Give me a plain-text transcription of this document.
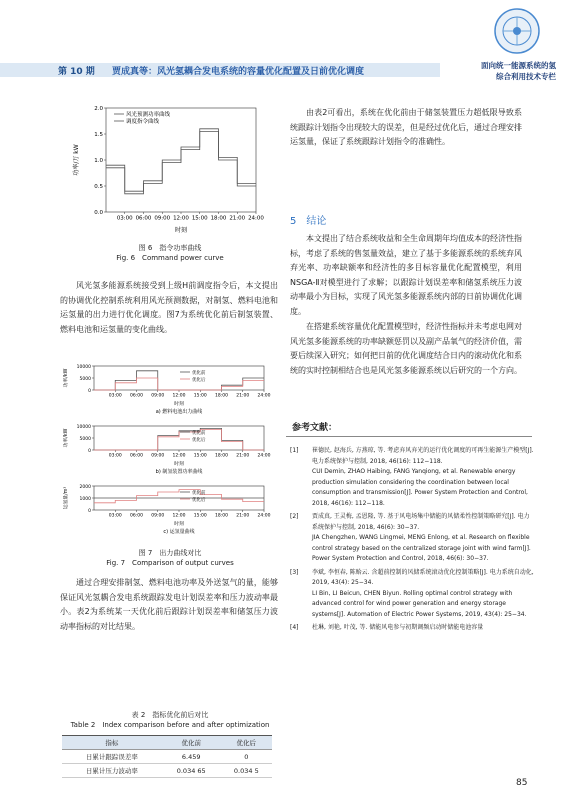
第 10 期 贾成真等：风光氢耦合发电系统的容量优化配置及日前优化调度
面向统一能源系统的氢
综合利用技术专栏
0.0
0.5
1.0
1.5
2.0
03:00 06:00 09:00 12:00 15:00 18:00 21:00 24:00
风光预测功率曲线
调度指令曲线
时刻
功率/万 kW
图 6　指令功率曲线
Fig. 6　Command power curve

风光氢多能源系统接受到上级H前调度指令后，本文提出的协调优化控制系统利用风光预测数据，对制氢、燃料电池和运氢量的出力进行优化调度。图7为系统优化前后制氢装置、燃料电池和运氢量的变化曲线。

0
5000
10000
03:00 06:00 09:00 12:00 15:00 18:00 21:00 24:00
优化前
优化后
时刻
a) 燃料电池出力曲线
功率/kW
0
5000
10000
03:00 06:00 09:00 12:00 15:00 18:00 21:00 24:00
优化前
优化后
时刻
b) 制氢装置功率曲线
功率/kW
0
1000
2000
03:00 06:00 09:00 12:00 15:00 18:00 21:00 24:00
优化前
优化后
时刻
c) 运氢量曲线
运氢量/m³
图 7　出力曲线对比
Fig. 7　Comparison of output curves

通过合理安排制氢、燃料电池功率及外送氢气的量，能够保证风光氢耦合发电系统跟踪发电计划误差率和压力波动率最小。表2为系统某一天优化前后跟踪计划误差率和储氢压力波动率指标的对比结果。

表 2　指标优化前后对比
Table 2　Index comparison before and after optimization
指标	优化前	优化后
日累计跟踪误差率	6.459	0
日累计压力波动率	0.034 65	0.034 5

由表2可看出，系统在优化前由于储氢装置压力超低限导致系统跟踪计划指令出现较大的误差，但是经过优化后，通过合理安排运氢量，保证了系统跟踪计划指令的准确性。

5　结论

本文提出了结合系统收益和全生命周期年均值成本的经济性指标，考虑了系统的售氢量效益，建立了基于多能源系统的系统弃风弃光率、功率缺额率和经济性的多目标容量优化配置模型，利用NSGA-Ⅱ对模型进行了求解；以跟踪计划误差率和储氢系统压力波动率最小为目标，实现了风光氢多能源系统内部的日前协调优化调度。

在搭建系统容量优化配置模型时，经济性指标并未考虑电网对风光氢多能源系统的功率缺额惩罚以及副产品氧气的经济价值，需要后续深入研究；如何把日前的优化调度结合日内的滚动优化和系统的实时控制相结合也是风光氢多能源系统以后研究的一个方向。

参考文献：
[1] 崔德民, 赵海兵, 方燕琼, 等. 考虑弃风弃光的运行优化调度的可再生能源生产模型[J]. 电力系统保护与控制, 2018, 46(16): 112−118.
CUI Demin, ZHAO Haibing, FANG Yanqiong, et al. Renewable energy production simulation considering the coordination between local consumption and transmission[J]. Power System Protection and Control, 2018, 46(16): 112−118.
[2] 贾成真, 王灵梅, 孟恩隆, 等. 基于风电场集中储能的风储柔性控制策略研究[J]. 电力系统保护与控制, 2018, 46(6): 30−37.
JIA Chengzhen, WANG Lingmei, MENG Enlong, et al. Research on flexible control strategy based on the centralized storage joint with wind farm[J]. Power System Protection and Control, 2018, 46(6): 30−37.
[3] 李斌, 李恒春, 陈贻云. 含超前控制的风储系统滚动优化控制策略[J]. 电力系统自动化, 2019, 43(4): 25−34.
LI Bin, LI Beicun, CHEN Biyun. Rolling optimal control strategy with advanced control for wind power generation and energy storage systems[J]. Automation of Electric Power Systems, 2019, 43(4): 25−34.
[4] 杜琳, 刘艳, 叶茂, 等. 储能风电参与初期调频启动时储能电池容量
85
